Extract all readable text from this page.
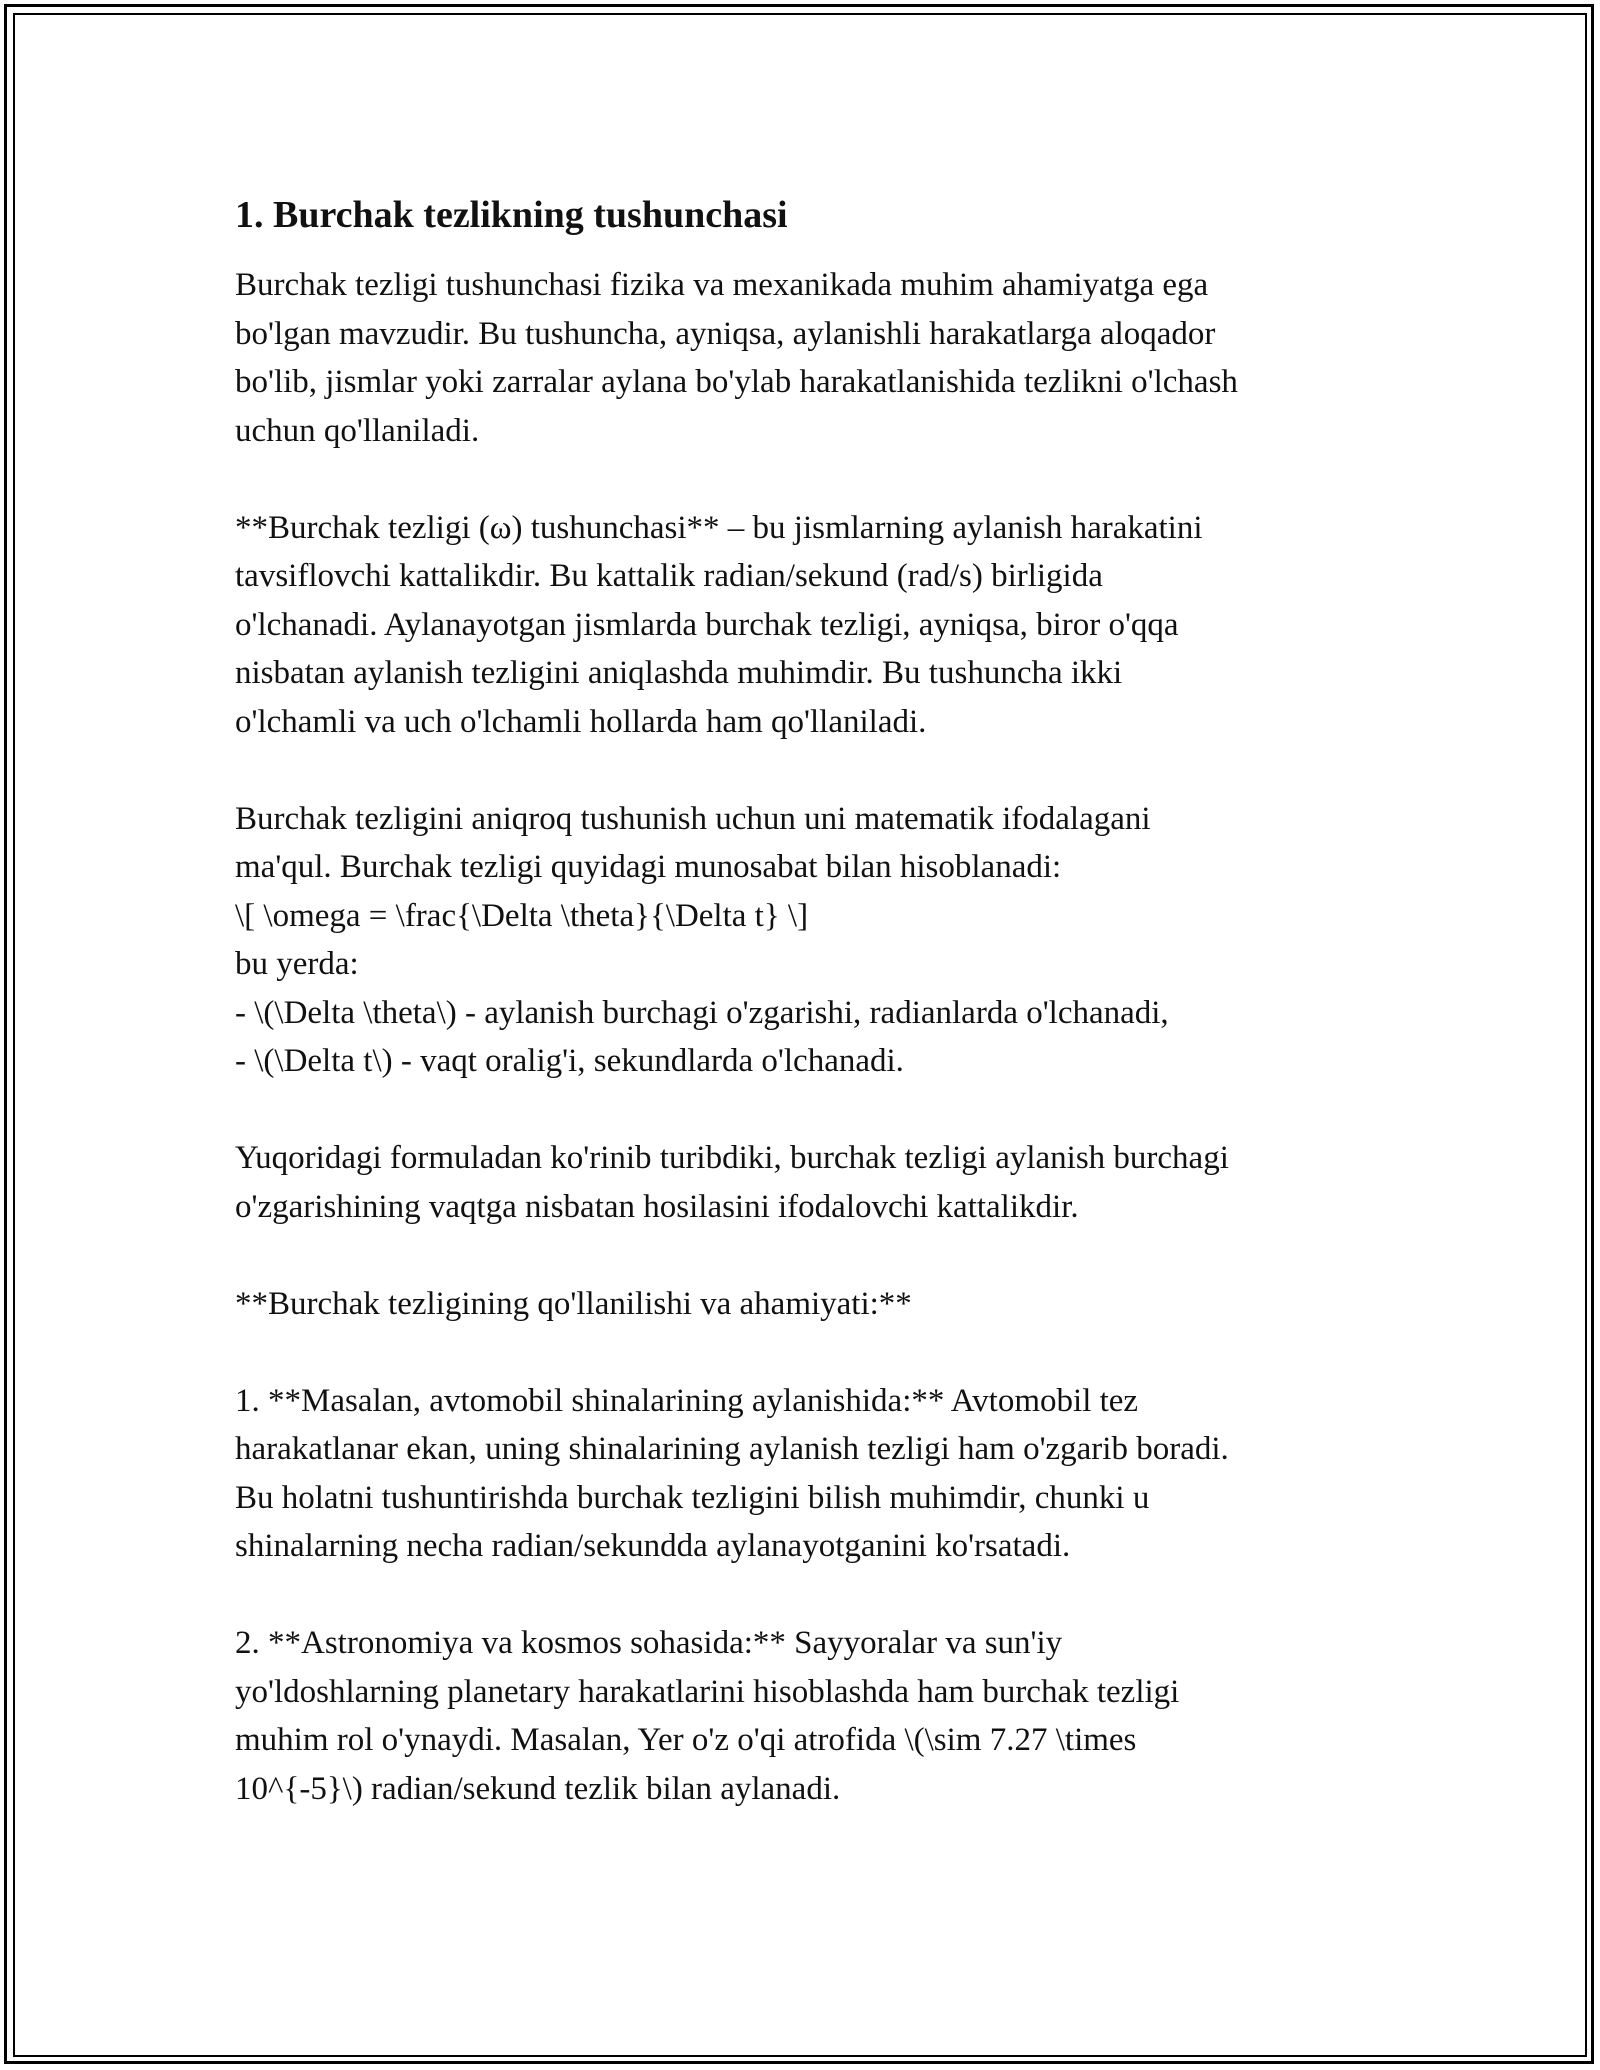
1. Burchak tezlikning tushunchasi
Burchak tezligi tushunchasi fizika va mexanikada muhim ahamiyatga ega
bo'lgan mavzudir. Bu tushuncha, ayniqsa, aylanishli harakatlarga aloqador
bo'lib, jismlar yoki zarralar aylana bo'ylab harakatlanishida tezlikni o'lchash
uchun qo'llaniladi.
**Burchak tezligi (ω) tushunchasi** – bu jismlarning aylanish harakatini
tavsiflovchi kattalikdir. Bu kattalik radian/sekund (rad/s) birligida
o'lchanadi. Aylanayotgan jismlarda burchak tezligi, ayniqsa, biror o'qqa
nisbatan aylanish tezligini aniqlashda muhimdir. Bu tushuncha ikki
o'lchamli va uch o'lchamli hollarda ham qo'llaniladi.
Burchak tezligini aniqroq tushunish uchun uni matematik ifodalagani
ma'qul. Burchak tezligi quyidagi munosabat bilan hisoblanadi:
\[ \omega = \frac{\Delta \theta}{\Delta t} \]
bu yerda:
- \(\Delta \theta\) - aylanish burchagi o'zgarishi, radianlarda o'lchanadi,
- \(\Delta t\) - vaqt oralig'i, sekundlarda o'lchanadi.
Yuqoridagi formuladan ko'rinib turibdiki, burchak tezligi aylanish burchagi
o'zgarishining vaqtga nisbatan hosilasini ifodalovchi kattalikdir.
**Burchak tezligining qo'llanilishi va ahamiyati:**
1. **Masalan, avtomobil shinalarining aylanishida:** Avtomobil tez
harakatlanar ekan, uning shinalarining aylanish tezligi ham o'zgarib boradi.
Bu holatni tushuntirishda burchak tezligini bilish muhimdir, chunki u
shinalarning necha radian/sekundda aylanayotganini ko'rsatadi.
2. **Astronomiya va kosmos sohasida:** Sayyoralar va sun'iy
yo'ldoshlarning planetary harakatlarini hisoblashda ham burchak tezligi
muhim rol o'ynaydi. Masalan, Yer o'z o'qi atrofida \(\sim 7.27 \times
10^{-5}\) radian/sekund tezlik bilan aylanadi.
